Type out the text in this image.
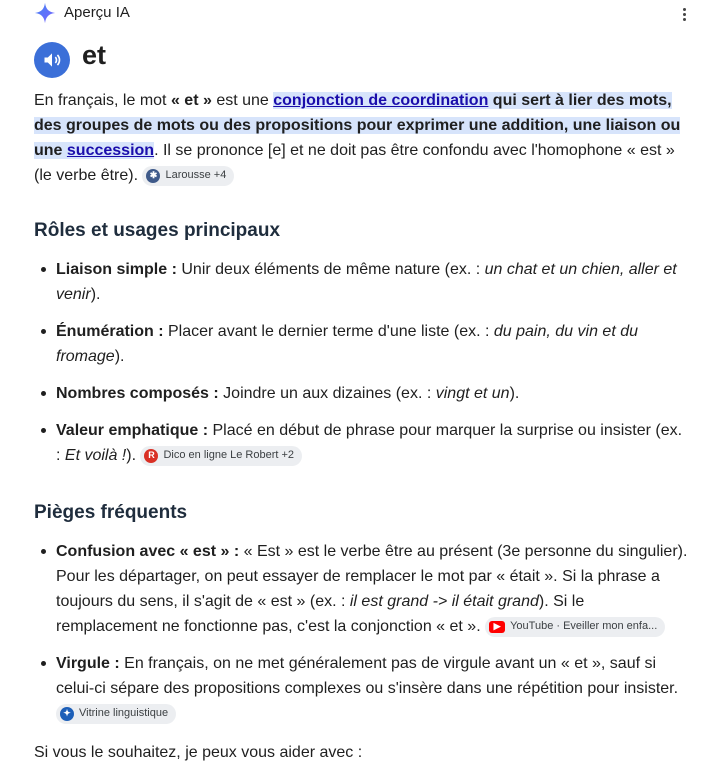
Aperçu IA
et

En français, le mot « et » est une conjonction de coordination qui sert à lier des mots, des groupes de mots ou des propositions pour exprimer une addition, une liaison ou une succession. Il se prononce [e] et ne doit pas être confondu avec l'homophone « est » (le verbe être). ✱ Larousse +4

Rôles et usages principaux
Liaison simple : Unir deux éléments de même nature (ex. : un chat et un chien, aller et venir).
Énumération : Placer avant le dernier terme d'une liste (ex. : du pain, du vin et du fromage).
Nombres composés : Joindre un aux dizaines (ex. : vingt et un).
Valeur emphatique : Placé en début de phrase pour marquer la surprise ou insister (ex. : Et voilà !). R Dico en ligne Le Robert +2
Pièges fréquents
Confusion avec « est » : « Est » est le verbe être au présent (3e personne du singulier). Pour les départager, on peut essayer de remplacer le mot par « était ». Si la phrase a toujours du sens, il s'agit de « est » (ex. : il est grand -> il était grand). Si le remplacement ne fonctionne pas, c'est la conjonction « et ». ▶ YouTube · Eveiller mon enfa...
Virgule : En français, on ne met généralement pas de virgule avant un « et », sauf si celui-ci sépare des propositions complexes ou s'insère dans une répétition pour insister.
✦ Vitrine linguistique

Si vous le souhaitez, je peux vous aider avec :
